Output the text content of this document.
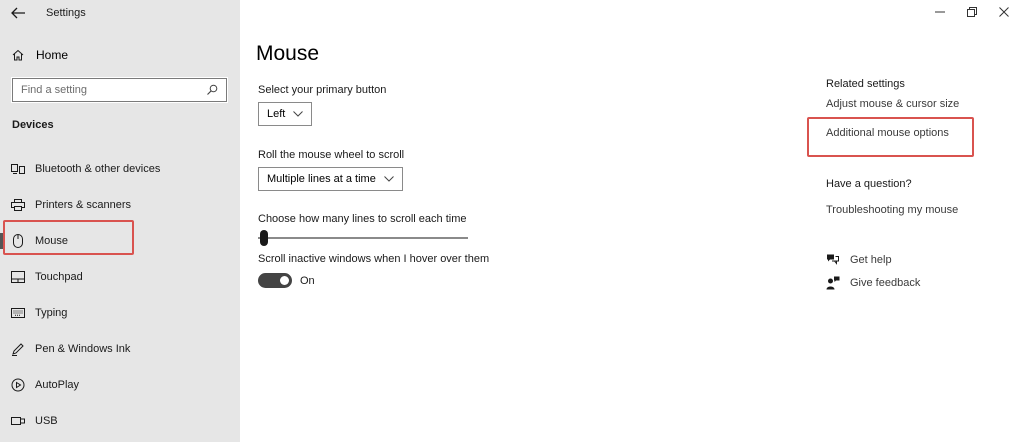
Settings
Home
Find a setting
Devices
Bluetooth & other devices
Printers & scanners
Mouse
Touchpad
Typing
Pen & Windows Ink
AutoPlay
USB
Mouse
Select your primary button
Left
Roll the mouse wheel to scroll
Multiple lines at a time
Choose how many lines to scroll each time
Scroll inactive windows when I hover over them
On
Related settings
Adjust mouse & cursor size
Additional mouse options
Have a question?
Troubleshooting my mouse
Get help
Give feedback
